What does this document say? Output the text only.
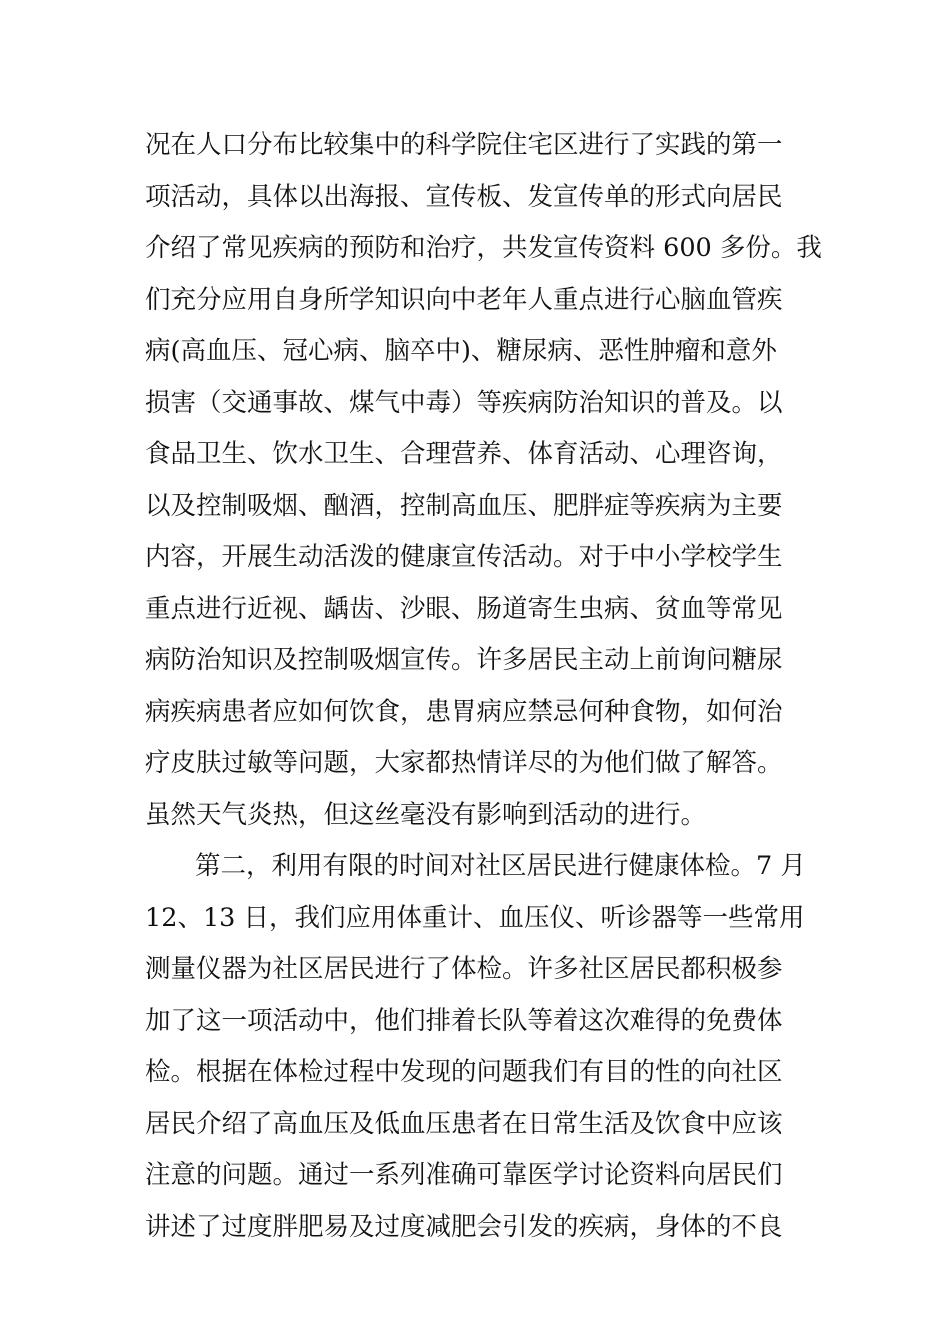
况在人口分布比较集中的科学院住宅区进行了实践的第一
项活动，具体以出海报、宣传板、发宣传单的形式向居民
介绍了常见疾病的预防和治疗，共发宣传资料 600 多份。我
们充分应用自身所学知识向中老年人重点进行心脑血管疾
病(高血压、冠心病、脑卒中)、糖尿病、恶性肿瘤和意外
损害（交通事故、煤气中毒）等疾病防治知识的普及。以
食品卫生、饮水卫生、合理营养、体育活动、心理咨询，
以及控制吸烟、酗酒，控制高血压、肥胖症等疾病为主要
内容，开展生动活泼的健康宣传活动。对于中小学校学生
重点进行近视、龋齿、沙眼、肠道寄生虫病、贫血等常见
病防治知识及控制吸烟宣传。许多居民主动上前询问糖尿
病疾病患者应如何饮食，患胃病应禁忌何种食物，如何治
疗皮肤过敏等问题，大家都热情详尽的为他们做了解答。
虽然天气炎热，但这丝毫没有影响到活动的进行。
第二，利用有限的时间对社区居民进行健康体检。7 月
12、13 日，我们应用体重计、血压仪、听诊器等一些常用
测量仪器为社区居民进行了体检。许多社区居民都积极参
加了这一项活动中，他们排着长队等着这次难得的免费体
检。根据在体检过程中发现的问题我们有目的性的向社区
居民介绍了高血压及低血压患者在日常生活及饮食中应该
注意的问题。通过一系列准确可靠医学讨论资料向居民们
讲述了过度胖肥易及过度减肥会引发的疾病，身体的不良
